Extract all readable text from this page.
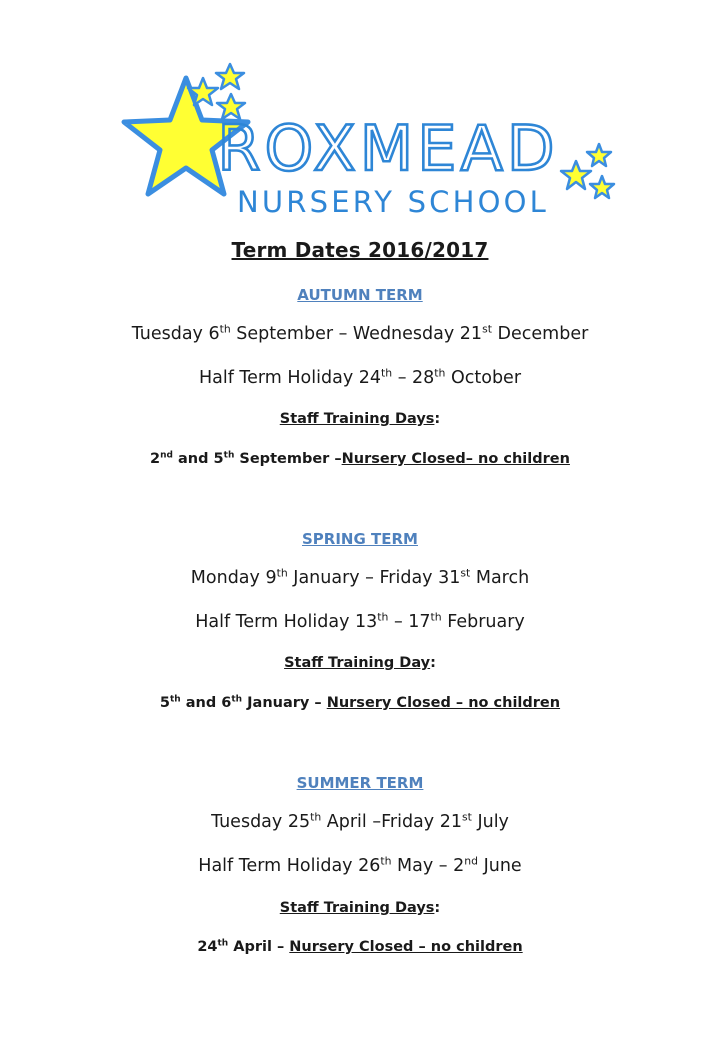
ROXMEAD
NURSERY SCHOOL
Term Dates 2016/2017
AUTUMN TERM
Tuesday 6th September – Wednesday 21st December
Half Term Holiday 24th – 28th October
Staff Training Days:
2nd and 5th September –Nursery Closed– no children
SPRING TERM
Monday 9th January – Friday 31st March
Half Term Holiday 13th – 17th February
Staff Training Day:
5th and 6th January – Nursery Closed – no children
SUMMER TERM
Tuesday 25th April –Friday 21st July
Half Term Holiday 26th May – 2nd June
Staff Training Days:
24th April – Nursery Closed – no children
